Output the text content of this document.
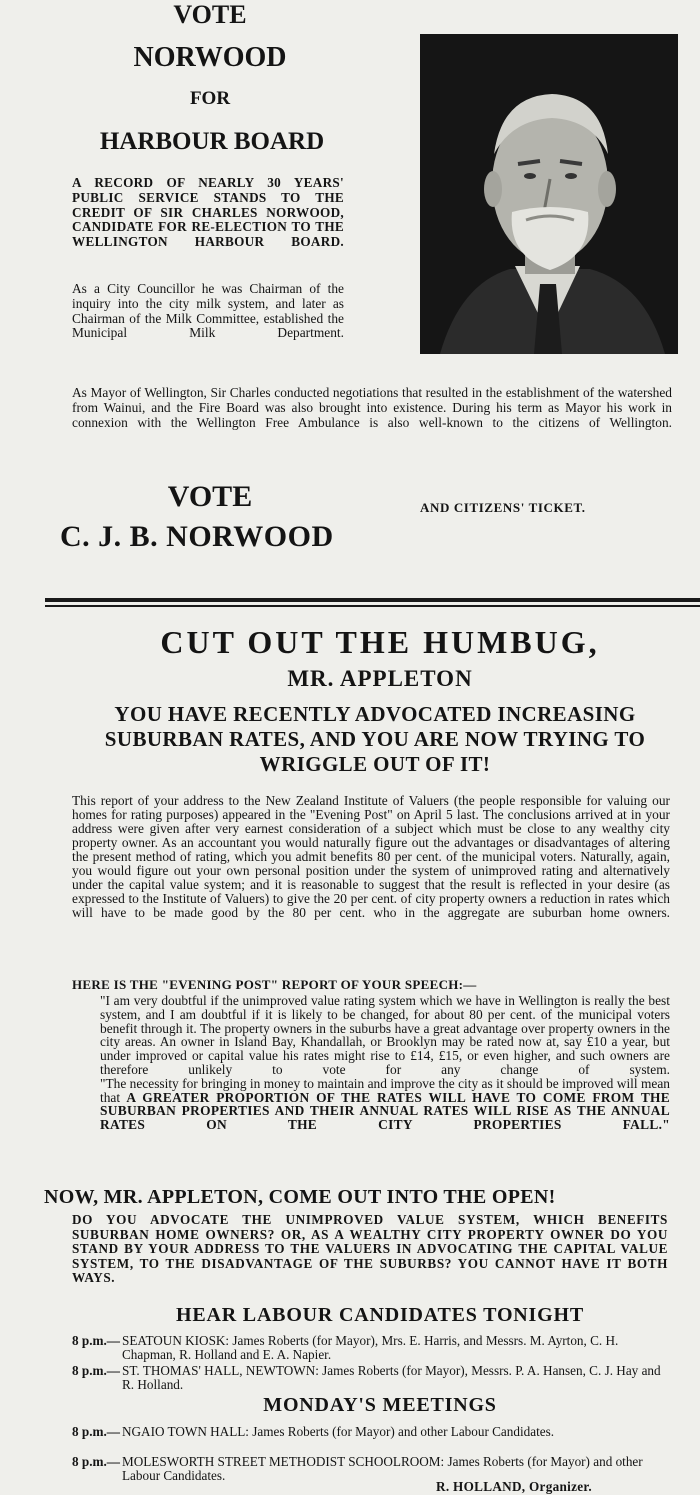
VOTE
NORWOOD
FOR
HARBOUR BOARD
A RECORD OF NEARLY 30 YEARS' PUBLIC SERVICE STANDS TO THE CREDIT OF SIR CHARLES NORWOOD, CANDIDATE FOR RE-ELECTION TO THE WELLINGTON HARBOUR BOARD.
As a City Councillor he was Chairman of the inquiry into the city milk system, and later as Chairman of the Milk Committee, established the Municipal Milk Department.
As Mayor of Wellington, Sir Charles conducted negotiations that resulted in the establishment of the watershed from Wainui, and the Fire Board was also brought into existence. During his term as Mayor his work in connexion with the Wellington Free Ambulance is also well-known to the citizens of Wellington.
VOTE
C. J. B. NORWOOD
AND CITIZENS' TICKET.
CUT OUT THE HUMBUG,
MR. APPLETON
YOU HAVE RECENTLY ADVOCATED INCREASING SUBURBAN RATES, AND YOU ARE NOW TRYING TO WRIGGLE OUT OF IT!
This report of your address to the New Zealand Institute of Valuers (the people responsible for valuing our homes for rating purposes) appeared in the "Evening Post" on April 5 last. The conclusions arrived at in your address were given after very earnest consideration of a subject which must be close to any wealthy city property owner. As an accountant you would naturally figure out the advantages or disadvantages of altering the present method of rating, which you admit benefits 80 per cent. of the municipal voters. Naturally, again, you would figure out your own personal position under the system of unimproved rating and alternatively under the capital value system; and it is reasonable to suggest that the result is reflected in your desire (as expressed to the Institute of Valuers) to give the 20 per cent. of city property owners a reduction in rates which will have to be made good by the 80 per cent. who in the aggregate are suburban home owners.
HERE IS THE "EVENING POST" REPORT OF YOUR SPEECH:—

"I am very doubtful if the unimproved value rating system which we have in Wellington is really the best system, and I am doubtful if it is likely to be changed, for about 80 per cent. of the municipal voters benefit through it. The property owners in the suburbs have a great advantage over property owners in the city areas. An owner in Island Bay, Khandallah, or Brooklyn may be rated now at, say £10 a year, but under improved or capital value his rates might rise to £14, £15, or even higher, and such owners are therefore unlikely to vote for any change of system.

"The necessity for bringing in money to maintain and improve the city as it should be improved will mean that A GREATER PROPORTION OF THE RATES WILL HAVE TO COME FROM THE SUBURBAN PROPERTIES AND THEIR ANNUAL RATES WILL RISE AS THE ANNUAL RATES ON THE CITY PROPERTIES FALL."

NOW, MR. APPLETON, COME OUT INTO THE OPEN!
DO YOU ADVOCATE THE UNIMPROVED VALUE SYSTEM, WHICH BENEFITS SUBURBAN HOME OWNERS? OR, AS A WEALTHY CITY PROPERTY OWNER DO YOU STAND BY YOUR ADDRESS TO THE VALUERS IN ADVOCATING THE CAPITAL VALUE SYSTEM, TO THE DISADVANTAGE OF THE SUBURBS? YOU CANNOT HAVE IT BOTH WAYS.
HEAR LABOUR CANDIDATES TONIGHT
8 p.m.— SEATOUN KIOSK: James Roberts (for Mayor), Mrs. E. Harris, and Messrs. M. Ayrton, C. H. Chapman, R. Holland and E. A. Napier.
8 p.m.— ST. THOMAS' HALL, NEWTOWN: James Roberts (for Mayor), Messrs. P. A. Hansen, C. J. Hay and R. Holland.
MONDAY'S MEETINGS
8 p.m.— NGAIO TOWN HALL: James Roberts (for Mayor) and other Labour Candidates.
8 p.m.— MOLESWORTH STREET METHODIST SCHOOLROOM: James Roberts (for Mayor) and other Labour Candidates.
R. HOLLAND, Organizer.
